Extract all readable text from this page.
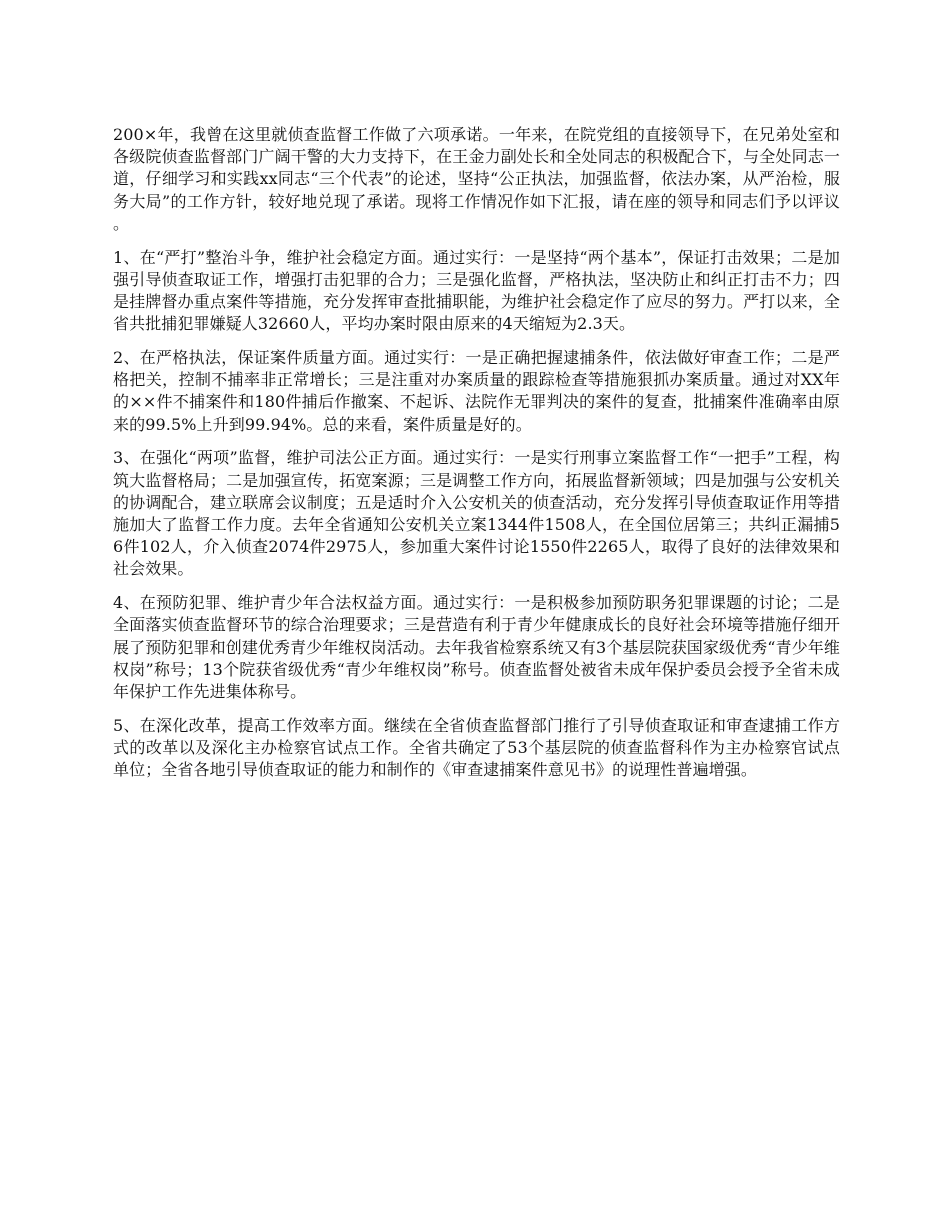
200×年，我曾在这里就侦查监督工作做了六项承诺。一年来，在院党组的直接领导下，在兄弟处室和各级院侦查监督部门广阔干警的大力支持下，在王金力副处长和全处同志的积极配合下，与全处同志一道，仔细学习和实践xx同志“三个代表”的论述，坚持“公正执法，加强监督，依法办案，从严治检，服务大局”的工作方针，较好地兑现了承诺。现将工作情况作如下汇报，请在座的领导和同志们予以评议。

1、在“严打”整治斗争，维护社会稳定方面。通过实行：一是坚持“两个基本”，保证打击效果；二是加强引导侦查取证工作，增强打击犯罪的合力；三是强化监督，严格执法，坚决防止和纠正打击不力；四是挂牌督办重点案件等措施，充分发挥审查批捕职能，为维护社会稳定作了应尽的努力。严打以来，全省共批捕犯罪嫌疑人32660人，平均办案时限由原来的4天缩短为2.3天。

2、在严格执法，保证案件质量方面。通过实行：一是正确把握逮捕条件，依法做好审查工作；二是严格把关，控制不捕率非正常增长；三是注重对办案质量的跟踪检查等措施狠抓办案质量。通过对XX年的××件不捕案件和180件捕后作撤案、不起诉、法院作无罪判决的案件的复查，批捕案件准确率由原来的99.5%上升到99.94%。总的来看，案件质量是好的。

3、在强化“两项”监督，维护司法公正方面。通过实行：一是实行刑事立案监督工作“一把手”工程，构筑大监督格局；二是加强宣传，拓宽案源；三是调整工作方向，拓展监督新领域；四是加强与公安机关的协调配合，建立联席会议制度；五是适时介入公安机关的侦查活动，充分发挥引导侦查取证作用等措施加大了监督工作力度。去年全省通知公安机关立案1344件1508人，在全国位居第三；共纠正漏捕56件102人，介入侦查2074件2975人，参加重大案件讨论1550件2265人，取得了良好的法律效果和社会效果。

4、在预防犯罪、维护青少年合法权益方面。通过实行：一是积极参加预防职务犯罪课题的讨论；二是全面落实侦查监督环节的综合治理要求；三是营造有利于青少年健康成长的良好社会环境等措施仔细开展了预防犯罪和创建优秀青少年维权岗活动。去年我省检察系统又有3个基层院获国家级优秀“青少年维权岗”称号；13个院获省级优秀“青少年维权岗”称号。侦查监督处被省未成年保护委员会授予全省未成年保护工作先进集体称号。

5、在深化改革，提高工作效率方面。继续在全省侦查监督部门推行了引导侦查取证和审查逮捕工作方式的改革以及深化主办检察官试点工作。全省共确定了53个基层院的侦查监督科作为主办检察官试点单位；全省各地引导侦查取证的能力和制作的《审查逮捕案件意见书》的说理性普遍增强。
